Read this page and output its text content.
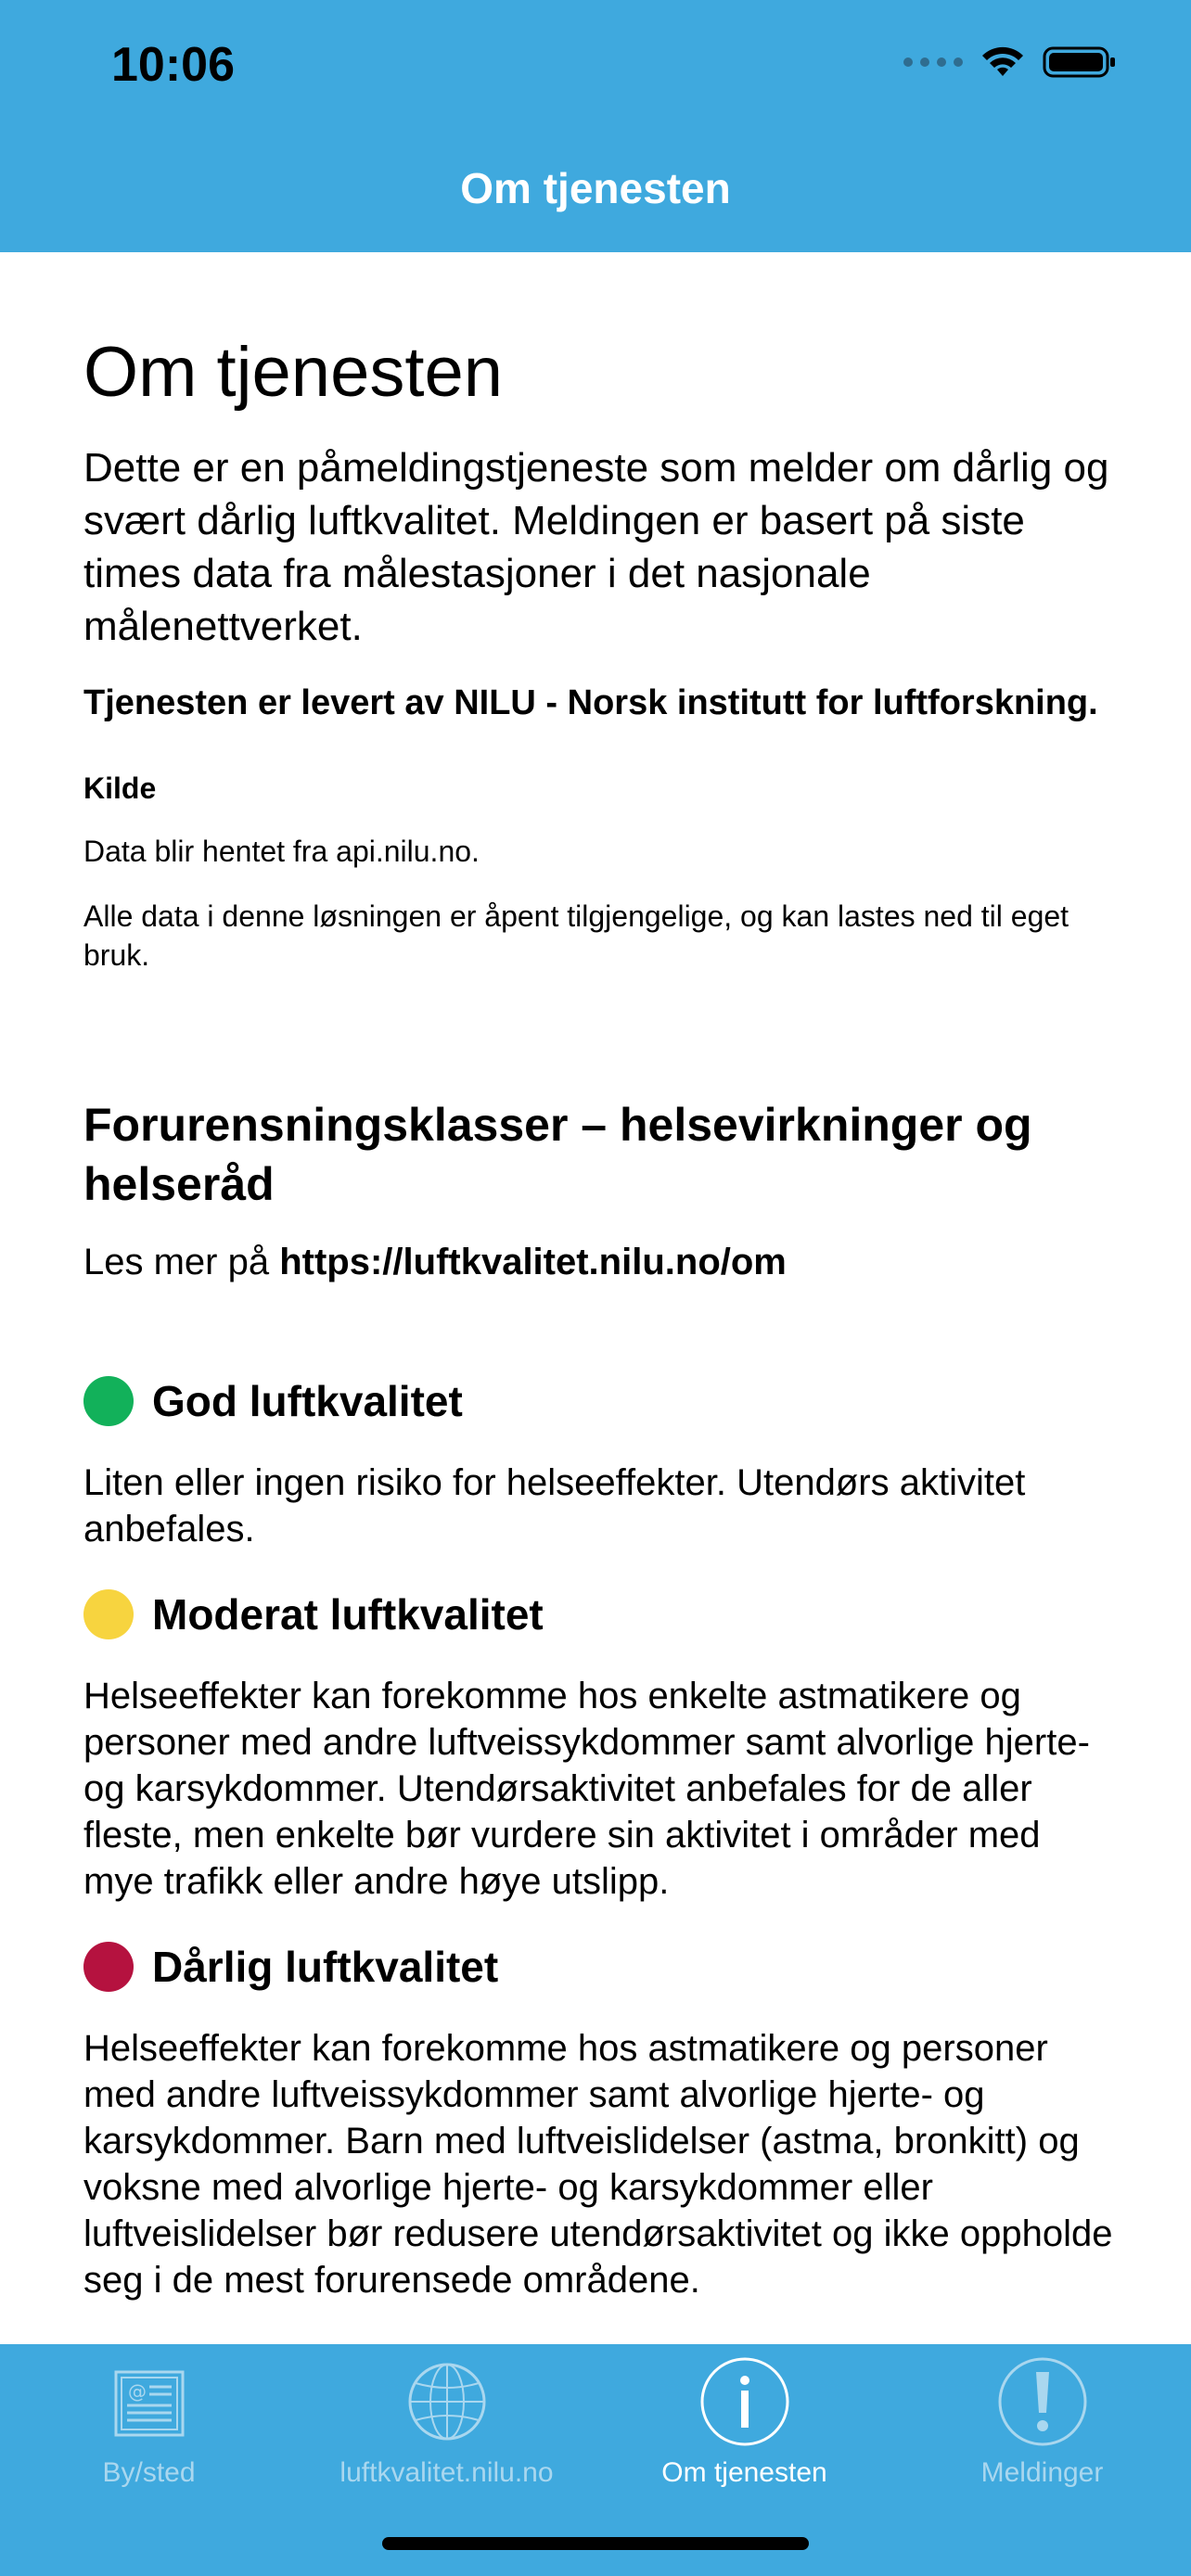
10:06
Om tjenesten
Om tjenesten
Dette er en påmeldingstjeneste som melder om dårlig og svært dårlig luftkvalitet. Meldingen er basert på siste times data fra målestasjoner i det nasjonale målenettverket.
Tjenesten er levert av NILU - Norsk institutt for luftforskning.
Kilde
Data blir hentet fra api.nilu.no.
Alle data i denne løsningen er åpent tilgjengelige, og kan lastes ned til eget bruk.
Forurensningsklasser – helsevirkninger og helseråd
Les mer på https://luftkvalitet.nilu.no/om
God luftkvalitet
Liten eller ingen risiko for helseeffekter. Utendørs aktivitet anbefales.
Moderat luftkvalitet
Helseeffekter kan forekomme hos enkelte astmatikere og personer med andre luftveissykdommer samt alvorlige hjerte- og karsykdommer. Utendørsaktivitet anbefales for de aller fleste, men enkelte bør vurdere sin aktivitet i områder med mye trafikk eller andre høye utslipp.
Dårlig luftkvalitet
Helseeffekter kan forekomme hos astmatikere og personer med andre luftveissykdommer samt alvorlige hjerte- og karsykdommer. Barn med luftveislidelser (astma, bronkitt) og voksne med alvorlige hjerte- og karsykdommer eller luftveislidelser bør redusere utendørsaktivitet og ikke oppholde seg i de mest forurensede områdene.
@
By/sted	luftkvalitet.nilu.no	Om tjenesten	Meldinger
